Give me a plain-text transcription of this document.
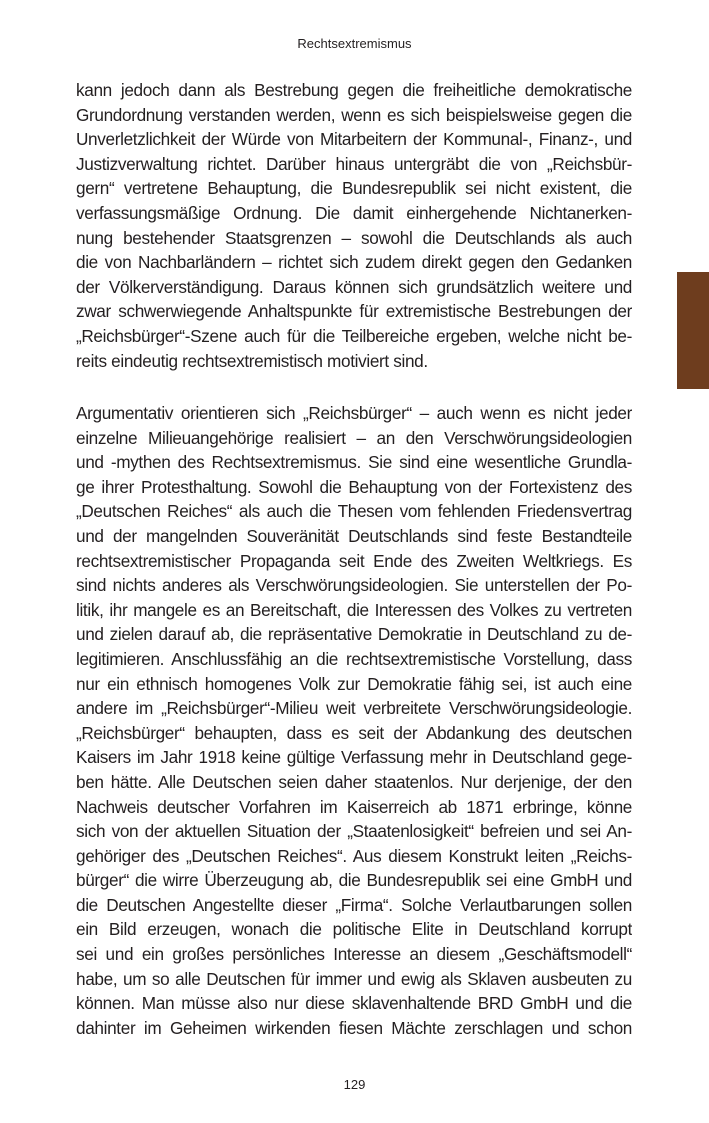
Rechtsextremismus
kann jedoch dann als Bestrebung gegen die freiheitliche demokratische
Grundordnung verstanden werden, wenn es sich beispielsweise gegen die
Unverletzlichkeit der Würde von Mitarbeitern der Kommunal-, Finanz-, und
Justizverwaltung richtet. Darüber hinaus untergräbt die von „Reichsbür-
gern“ vertretene Behauptung, die Bundesrepublik sei nicht existent, die
verfassungsmäßige Ordnung. Die damit einhergehende Nichtanerken-
nung bestehender Staatsgrenzen – sowohl die Deutschlands als auch
die von Nachbarländern – richtet sich zudem direkt gegen den Gedanken
der Völkerverständigung. Daraus können sich grundsätzlich weitere und
zwar schwerwiegende Anhaltspunkte für extremistische Bestrebungen der
„Reichsbürger“-Szene auch für die Teilbereiche ergeben, welche nicht be-
reits eindeutig rechtsextremistisch motiviert sind.
Argumentativ orientieren sich „Reichsbürger“ – auch wenn es nicht jeder
einzelne Milieuangehörige realisiert – an den Verschwörungsideologien
und -mythen des Rechtsextremismus. Sie sind eine wesentliche Grundla-
ge ihrer Protesthaltung. Sowohl die Behauptung von der Fortexistenz des
„Deutschen Reiches“ als auch die Thesen vom fehlenden Friedensvertrag
und der mangelnden Souveränität Deutschlands sind feste Bestandteile
rechtsextremistischer Propaganda seit Ende des Zweiten Weltkriegs. Es
sind nichts anderes als Verschwörungsideologien. Sie unterstellen der Po-
litik, ihr mangele es an Bereitschaft, die Interessen des Volkes zu vertreten
und zielen darauf ab, die repräsentative Demokratie in Deutschland zu de-
legitimieren. Anschlussfähig an die rechtsextremistische Vorstellung, dass
nur ein ethnisch homogenes Volk zur Demokratie fähig sei, ist auch eine
andere im „Reichsbürger“-Milieu weit verbreitete Verschwörungsideologie.
„Reichsbürger“ behaupten, dass es seit der Abdankung des deutschen
Kaisers im Jahr 1918 keine gültige Verfassung mehr in Deutschland gege-
ben hätte. Alle Deutschen seien daher staatenlos. Nur derjenige, der den
Nachweis deutscher Vorfahren im Kaiserreich ab 1871 erbringe, könne
sich von der aktuellen Situation der „Staatenlosigkeit“ befreien und sei An-
gehöriger des „Deutschen Reiches“. Aus diesem Konstrukt leiten „Reichs-
bürger“ die wirre Überzeugung ab, die Bundesrepublik sei eine GmbH und
die Deutschen Angestellte dieser „Firma“. Solche Verlautbarungen sollen
ein Bild erzeugen, wonach die politische Elite in Deutschland korrupt
sei und ein großes persönliches Interesse an diesem „Geschäftsmodell“
habe, um so alle Deutschen für immer und ewig als Sklaven ausbeuten zu
können. Man müsse also nur diese sklavenhaltende BRD GmbH und die
dahinter im Geheimen wirkenden fiesen Mächte zerschlagen und schon
129
